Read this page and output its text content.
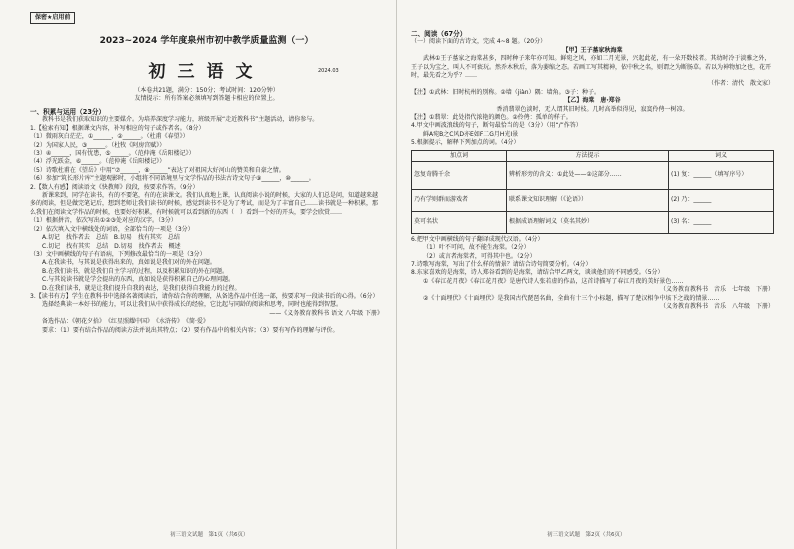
保密★启用前
2023~2024 学年度泉州市初中教学质量监测（一）
初三语文	2024.03
（本卷共21题，满分：150分；考试时间：120分钟）
友情提示：所有答案必须填写到答题卡相应的位置上。

一、积累与运用（23分）

教科书是我们获取知识的主要媒介。为培养深度学习能力，班级开展“走近教科书”主题活动，请你参与。

1.【检索有知】根据课文内容，补写相应的句子或作者名。（8分）

（1）微雨灰白茫茫，①______，②______。（杜甫《春望》）

（2）为国家人民，③______。（杜牧《阿房宫赋》）

（3）④______，国有忧患，⑤______。（范仲淹《岳阳楼记》）

（4）浮光跃金，⑥______。（范仲淹《岳阳楼记》）

（5）诗歌杜甫在《望岳》中用“⑦______，⑧______”表达了对祖国大好河山的赞美和自豪之情。

（6）参加“筑长形片库”主题观影时，小组将不同语境里与文学作品的书法古诗文句子⑨______，⑩______。

2.【数人有感】阅读语文《快教师》段段，按要求作答。（9分）

新课来到，同学在读书，有的不要笔，有的在读课文。我们认真地上课，认真阅读小说的时候，大家的人们总是问，知道越来越多的阅读，但是做完笔记后，想到老师让我们读书的时候，感觉到读书不是为了考试，而是为了丰富自己……读书就是一种积累，那么我们在阅读文学作品的时候，也要好好积累，有时候就可以看到新的东西（　）看到一个好的开头，要学会欣赏……

（1）根据拼音，依次写出①②③处对应的汉字。（3分）

（2）依次填入文中横线处的词语，全部恰当的一项是（3分）

A.切记　找作者去　总结　B.切易　找有其实　总结

C.切记　找有其实　总结　D.切易　找作者去　概述

（3）文中画横线的句子有语病，下列修改最恰当的一项是（3分）

A.在我读书，与其说是获得出来的，真如说是我们对的外在问题。

B.在我们读书，就是我们自主学习的过程，以及积累知识的外在问题。

C.与其说读书就是学会提出的东西，真如说是获得积累自己的心理问题。

D.在我们读书，就是让我们提升自我的表达，是我们获得自我能力的过程。

3.【读书有方】学生在教科书中选择名著阅读后，请你结合你的理解，从备选作品中任选一部，按要求写一段读书后的心得。（6分）

选择经典读一本好书的能力，可以让我们从中获得成长的经验，它比起与同龄的阅读和思考，同时也能得到智慧。

——《义务教育教科书 语文 八年级 下册》

备选作品：《朝花夕拾》　《红星照耀中国》　《水浒传》　《简·爱》

要求：（1）要有结合作品的阅读方法并说出其特点；（2）要有作品中的相关内容；（3）要有写作的理解与评价。

初三语文试题　第1页（共6页）

二、阅读（67分）

（一）阅读下面的古诗文，完成 4~8 题。（20分）

【甲】王子墓家秋海棠

武林①王子墓家之海棠甚多，四时种子来年亦可知。鲜宛之风，亦如二月光景，兴起此花，有一朵开数枝者。其幼时冷于淡雅之外，王子以为宝之，叫人不可亵玩。然乔木秋后，落为萎缩之态。若画工写其精神，依中秋之名，则谓之为断肠草。若以为神物加之也，花开时，最先看之为乎？……

（作者：清代　散文家）

【注】①武林：旧时杭州的别称。②墙（jiàn）隅：墙角。③子：种子。

【乙】海棠　唐·郑谷

香消翡翠色淡时，无人谓其旧时枝。几时高举似得见，寂寞伶俜一树凉。

【注】①翡翠：此处指代浓艳的颜色。②伶俜：孤单的样子。

4.甲文中画波浪线的句子，断句最恰当的是（3分）（用“/”作答）

鲜A宛B之C风D亦E如F二G月H光I景

5.根据提示，解释下列加点的词。（4分）

加点词	方法提示	词义
忽复奇腾千余	辨析形旁的含义：①此处——②这部分……	(1) 复：______（填写序号）
乃有学则群而游戏者	联系课文知识理解（《论语》）	(2) 乃：______
莫可名状	根据成语理解词义（莫名其妙）	(3) 名：______

6.把甲文中画横线的句子翻译成现代汉语。（4分）

（1）叶不可问，故不能生海棠。（2分）

（2）或言者海棠者，可得其中也。（2分）

7.诗歌写海棠，写出了什么样的情景？请结合诗句简要分析。（4分）

8.东家喜欢的是海棠，诗人郑谷看到的是海棠，请结合甲乙两文，谈谈他们的不同感受。（5分）

①《春江花月夜》《春江花月夜》是唐代诗人张若虚的作品，这首诗描写了春江月夜的美好景色……

（义务教育教科书　音乐　七年级　下册）

②《十面埋伏》《十面埋伏》是我国古代琵琶名曲，全曲有十三个小标题，描写了楚汉相争中垓下之战的情景……

（义务教育教科书　音乐　八年级　下册）

初三语文试题　第2页（共6页）
